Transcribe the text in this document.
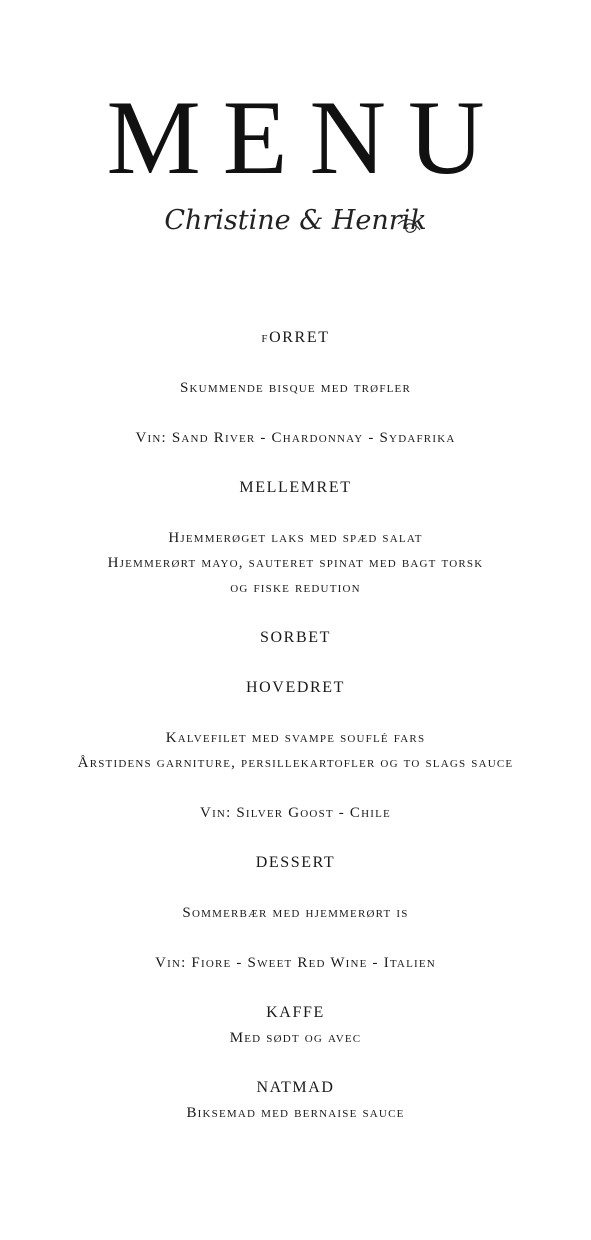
MENU
Christine & Henrik
fORRET
Skummende bisque med trøfler
Vin: Sand River - Chardonnay - Sydafrika
MELLEMRET
Hjemmerøget laks med spæd salat
Hjemmerørt mayo, sauteret spinat med bagt torsk
og fiske redution
SORBET
HOVEDRET
Kalvefilet med svampe souflé fars
Årstidens garniture, persillekartofler og to slags sauce
Vin: Silver Goost - Chile
DESSERT
Sommerbær med hjemmerørt is
Vin: Fiore - Sweet Red Wine - Italien
KAFFE
Med sødt og avec
NATMAD
Biksemad med bernaise sauce
